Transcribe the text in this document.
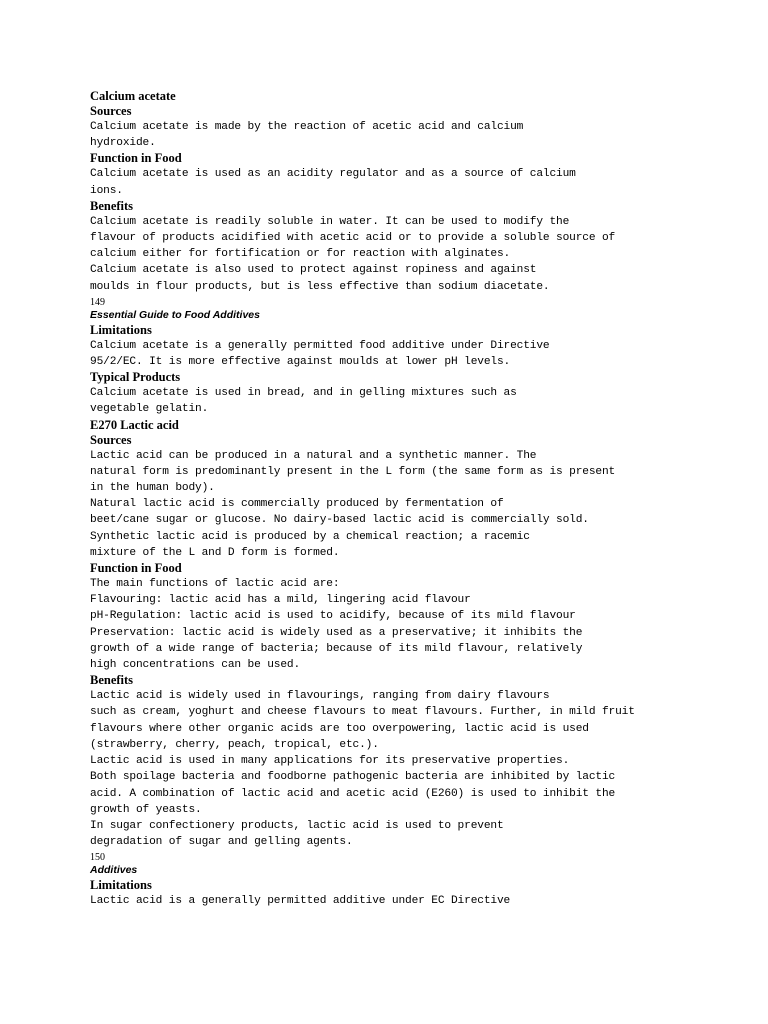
Calcium acetate
Sources
Calcium acetate is made by the reaction of acetic acid and calcium
hydroxide.
Function in Food
Calcium acetate is used as an acidity regulator and as a source of calcium
ions.
Benefits
Calcium acetate is readily soluble in water. It can be used to modify the
flavour of products acidified with acetic acid or to provide a soluble source of
calcium either for fortification or for reaction with alginates.
Calcium acetate is also used to protect against ropiness and against
moulds in flour products, but is less effective than sodium diacetate.
149
Essential Guide to Food Additives
Limitations
Calcium acetate is a generally permitted food additive under Directive
95/2/EC. It is more effective against moulds at lower pH levels.
Typical Products
Calcium acetate is used in bread, and in gelling mixtures such as
vegetable gelatin.
E270 Lactic acid
Sources
Lactic acid can be produced in a natural and a synthetic manner. The
natural form is predominantly present in the L form (the same form as is present
in the human body).
Natural lactic acid is commercially produced by fermentation of
beet/cane sugar or glucose. No dairy-based lactic acid is commercially sold.
Synthetic lactic acid is produced by a chemical reaction; a racemic
mixture of the L and D form is formed.
Function in Food
The main functions of lactic acid are:
Flavouring: lactic acid has a mild, lingering acid flavour
pH-Regulation: lactic acid is used to acidify, because of its mild flavour
Preservation: lactic acid is widely used as a preservative; it inhibits the
growth of a wide range of bacteria; because of its mild flavour, relatively
high concentrations can be used.
Benefits
Lactic acid is widely used in flavourings, ranging from dairy flavours
such as cream, yoghurt and cheese flavours to meat flavours. Further, in mild fruit
flavours where other organic acids are too overpowering, lactic acid is used
(strawberry, cherry, peach, tropical, etc.).
Lactic acid is used in many applications for its preservative properties.
Both spoilage bacteria and foodborne pathogenic bacteria are inhibited by lactic
acid. A combination of lactic acid and acetic acid (E260) is used to inhibit the
growth of yeasts.
In sugar confectionery products, lactic acid is used to prevent
degradation of sugar and gelling agents.
150
Additives
Limitations
Lactic acid is a generally permitted additive under EC Directive
